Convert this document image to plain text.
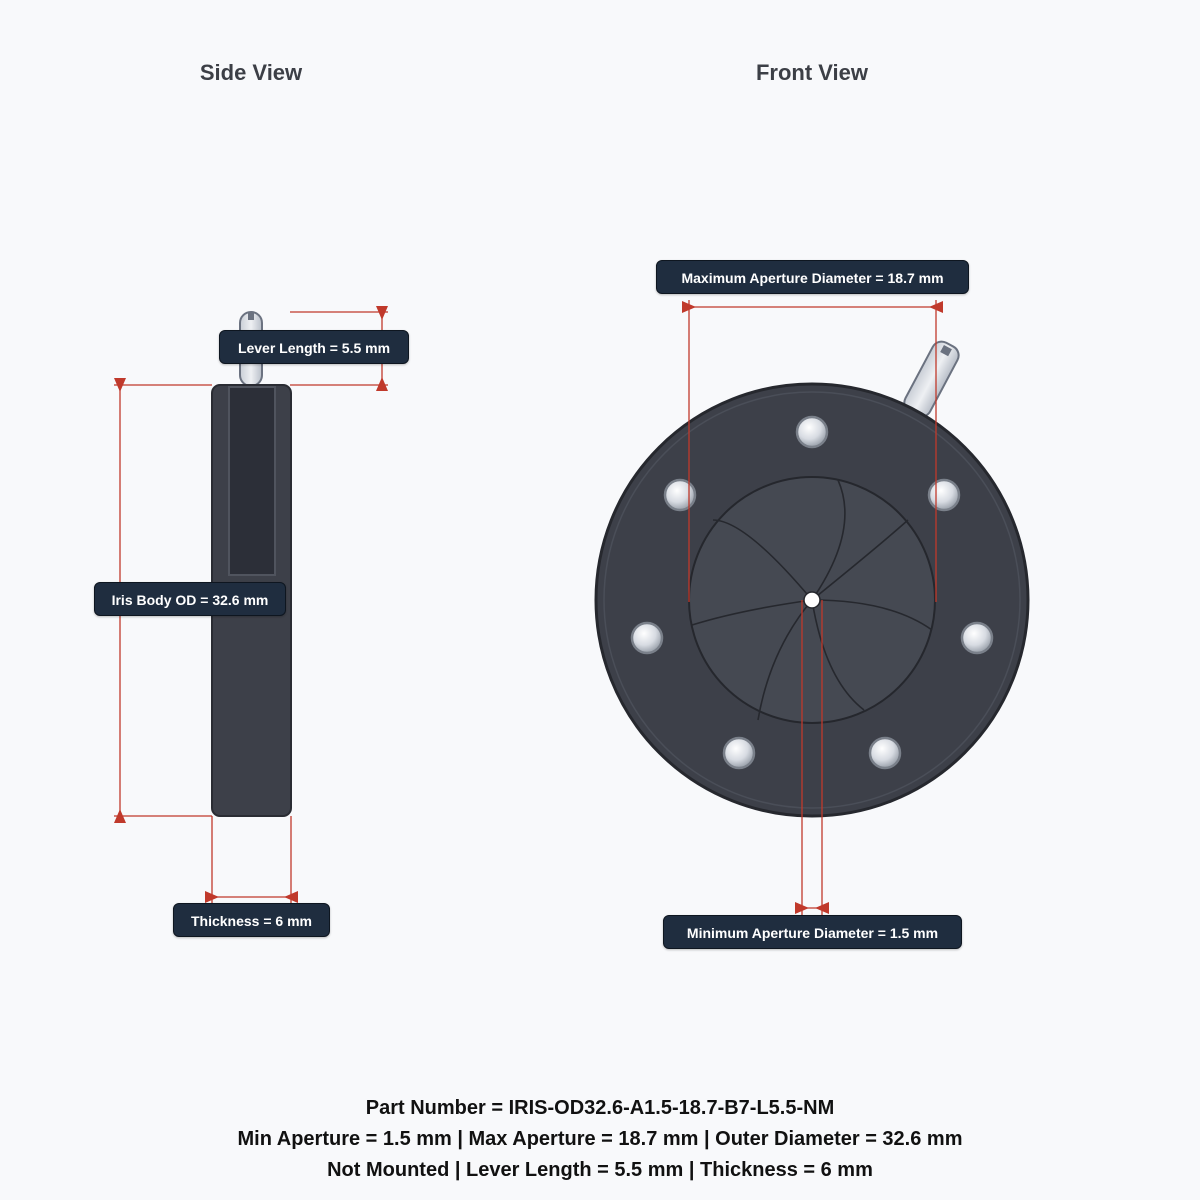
Side View	Front View
Lever Length = 5.5 mm
Iris Body OD = 32.6 mm
Thickness = 6 mm
Maximum Aperture Diameter = 18.7 mm
Minimum Aperture Diameter = 1.5 mm
Part Number = IRIS-OD32.6-A1.5-18.7-B7-L5.5-NM
Min Aperture = 1.5 mm | Max Aperture = 18.7 mm | Outer Diameter = 32.6 mm
Not Mounted | Lever Length = 5.5 mm | Thickness = 6 mm
